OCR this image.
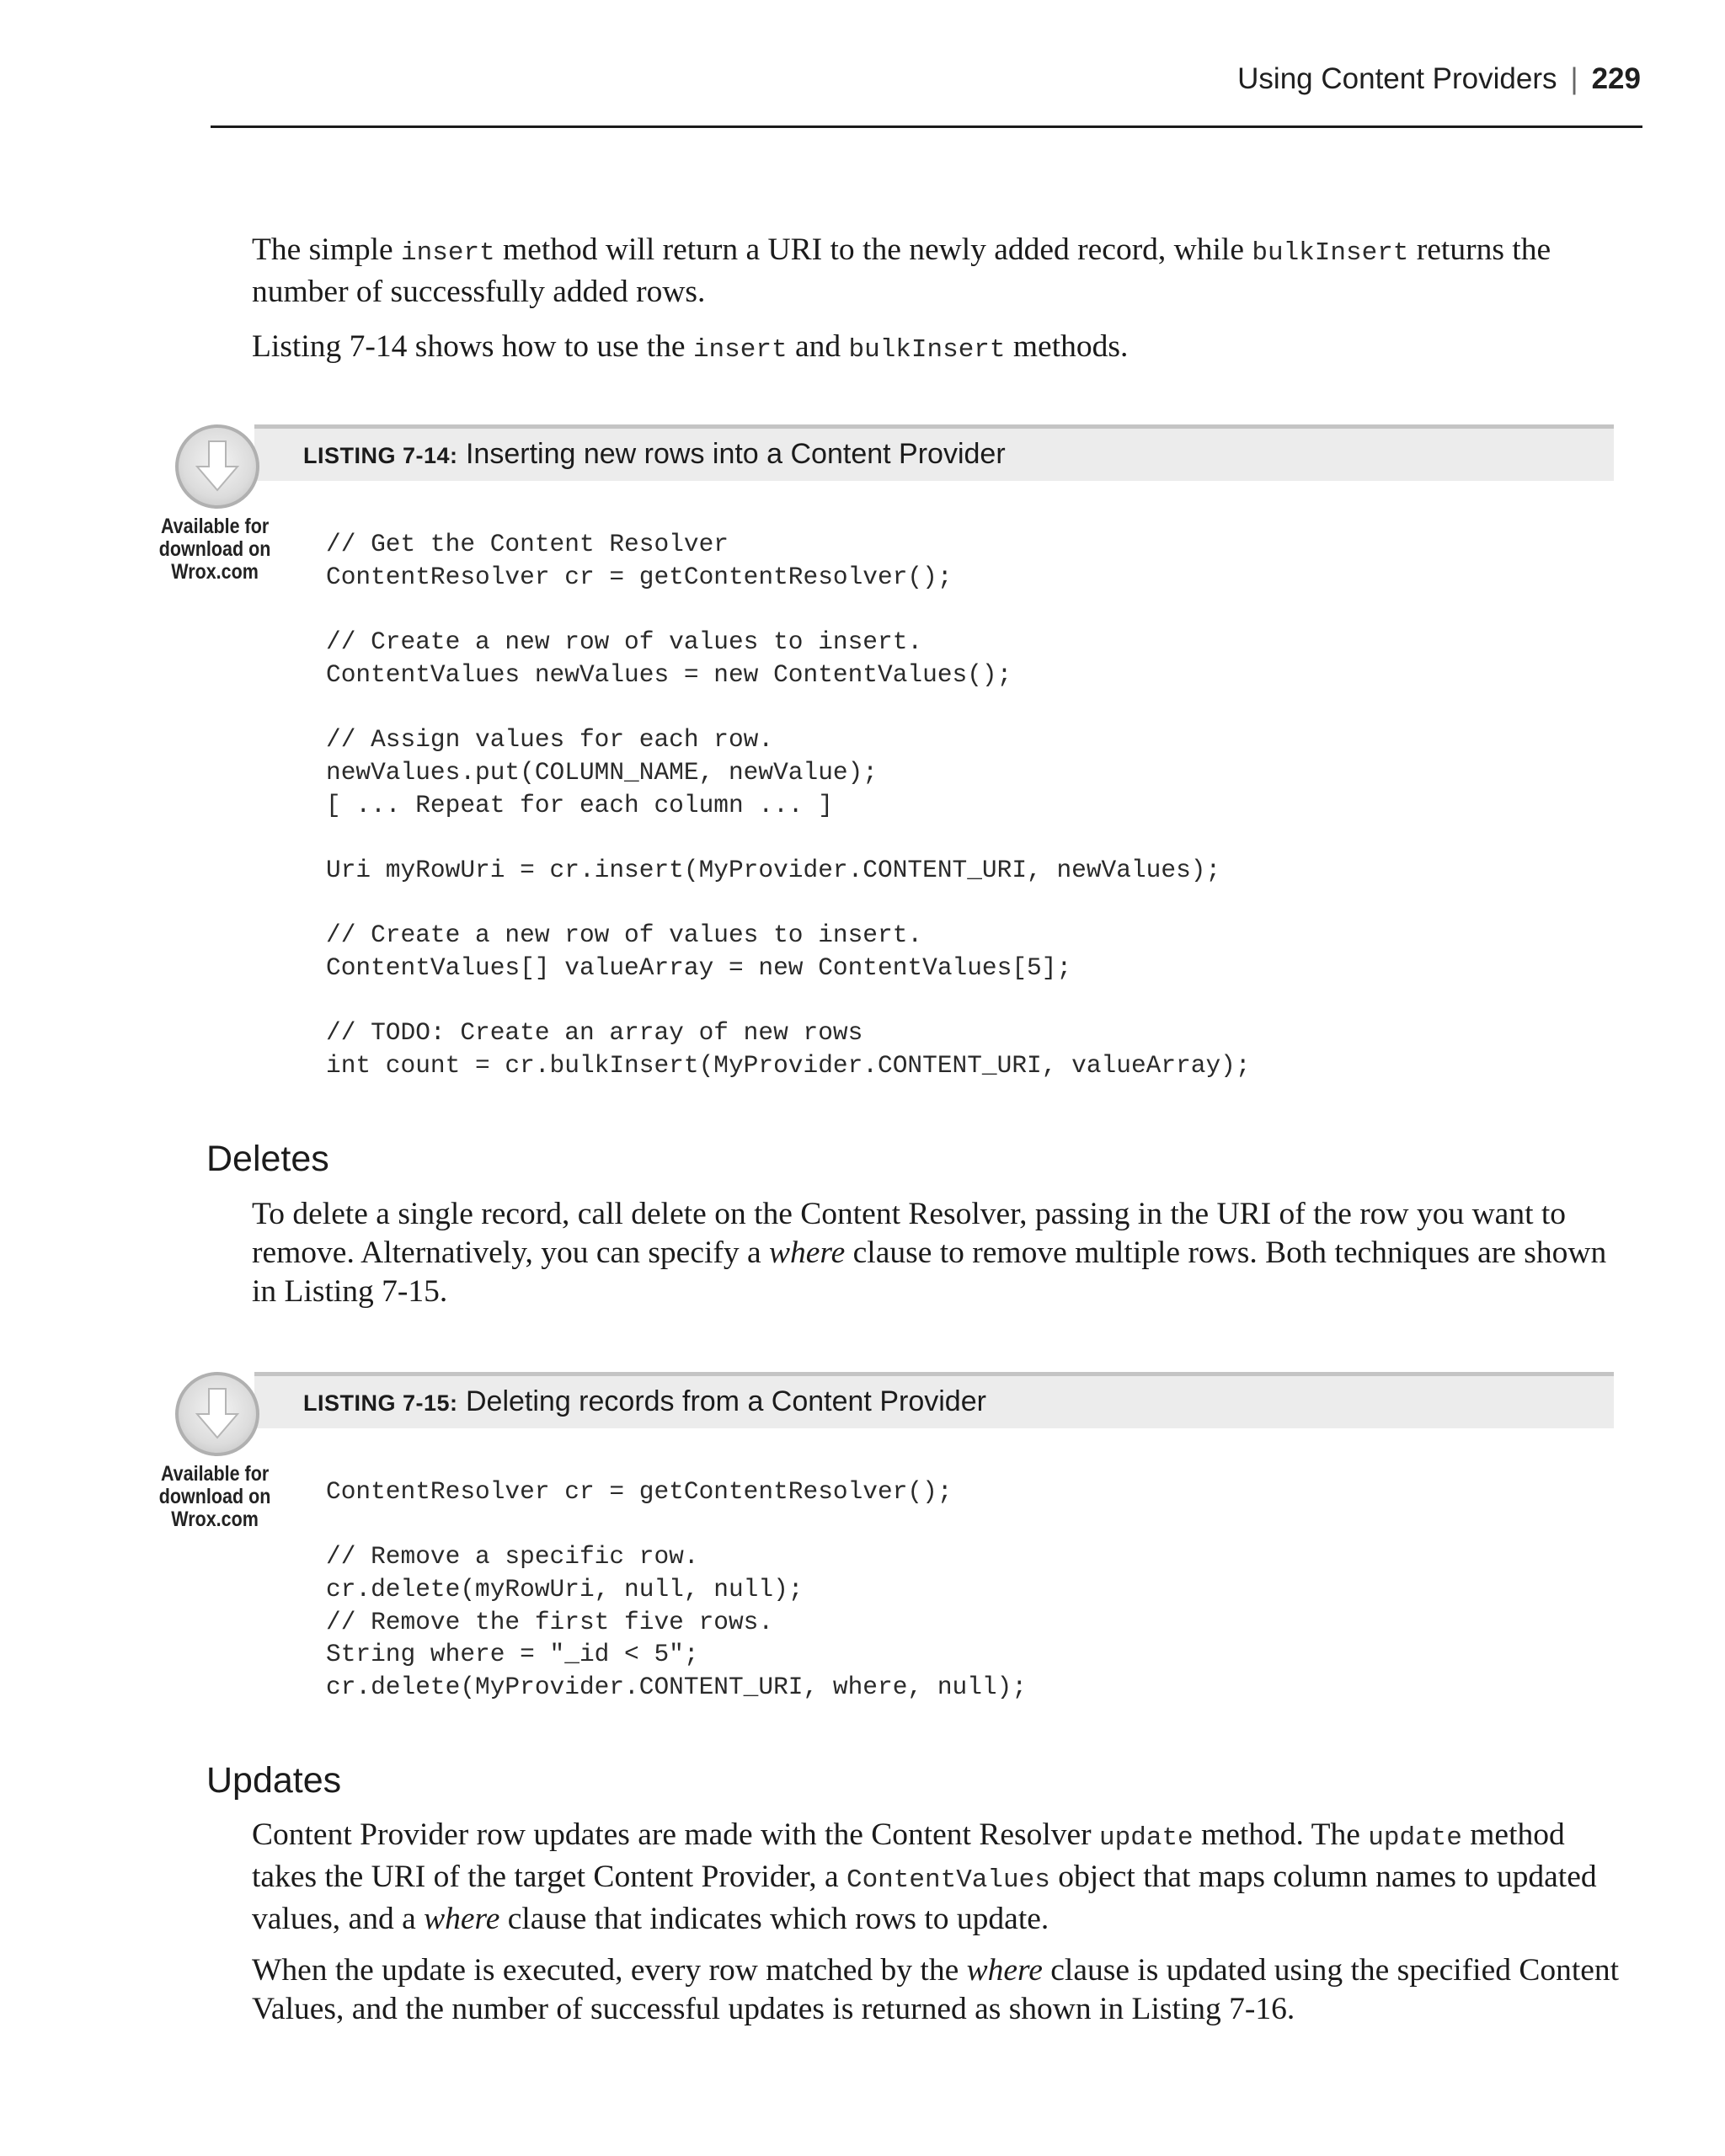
Using Content Providers | 229

The simple insert method will return a URI to the newly added record, while bulkInsert returns the number of successfully added rows.

Listing 7-14 shows how to use the insert and bulkInsert methods.

LISTING 7-14: Inserting new rows into a Content Provider
Available for
download on
Wrox.com
// Get the Content Resolver
ContentResolver cr = getContentResolver();
// Create a new row of values to insert.
ContentValues newValues = new ContentValues();
// Assign values for each row.
newValues.put(COLUMN_NAME, newValue);
[ ... Repeat for each column ... ]
Uri myRowUri = cr.insert(MyProvider.CONTENT_URI, newValues);
// Create a new row of values to insert.
ContentValues[] valueArray = new ContentValues[5];
// TODO: Create an array of new rows
int count = cr.bulkInsert(MyProvider.CONTENT_URI, valueArray);
Deletes

To delete a single record, call delete on the Content Resolver, passing in the URI of the row you want to remove. Alternatively, you can specify a where clause to remove multiple rows. Both techniques are shown in Listing 7-15.

LISTING 7-15: Deleting records from a Content Provider
Available for
download on
Wrox.com
ContentResolver cr = getContentResolver();
// Remove a specific row.
cr.delete(myRowUri, null, null);
// Remove the first five rows.
String where = "_id < 5";
cr.delete(MyProvider.CONTENT_URI, where, null);
Updates

Content Provider row updates are made with the Content Resolver update method. The update method takes the URI of the target Content Provider, a ContentValues object that maps column names to updated values, and a where clause that indicates which rows to update.

When the update is executed, every row matched by the where clause is updated using the specified Content Values, and the number of successful updates is returned as shown in Listing 7-16.
